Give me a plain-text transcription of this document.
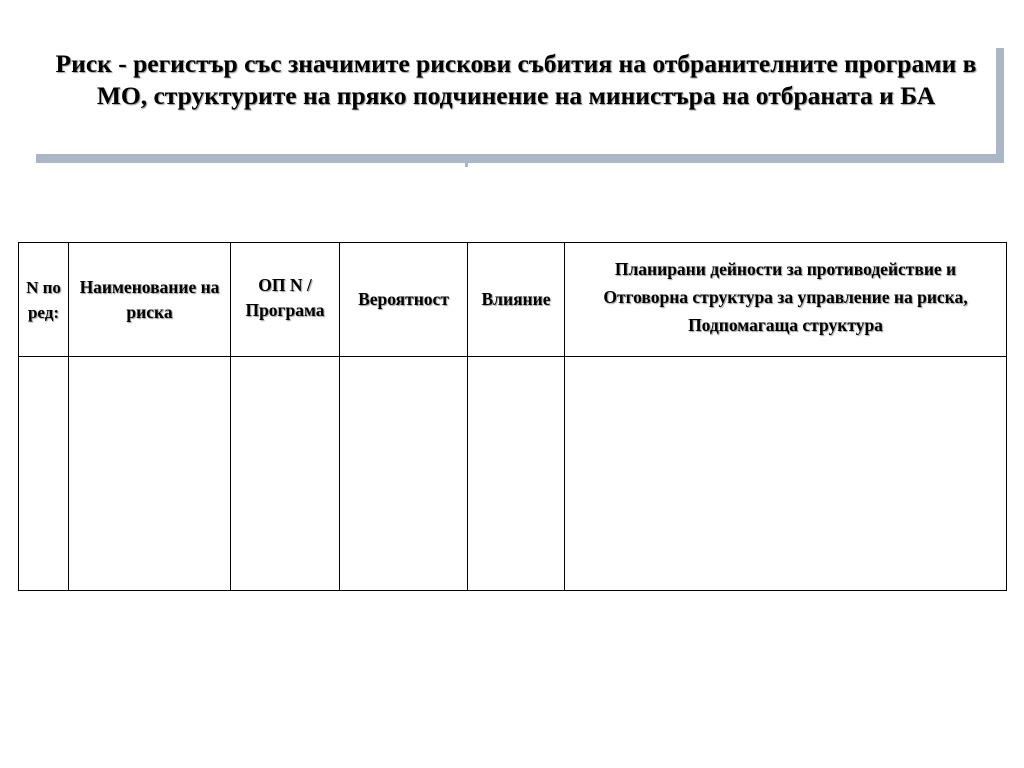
Риск - регистър със значимите рискови събития на отбранителните програми в МО, структурите на пряко подчинение на министъра на отбраната и БА
N по ред:	Наименование на риска	ОП N / Програма	Вероятност	Влияние	Планирани дейности за противодействие и Отговорна структура за управление на риска, Подпомагаща структура
